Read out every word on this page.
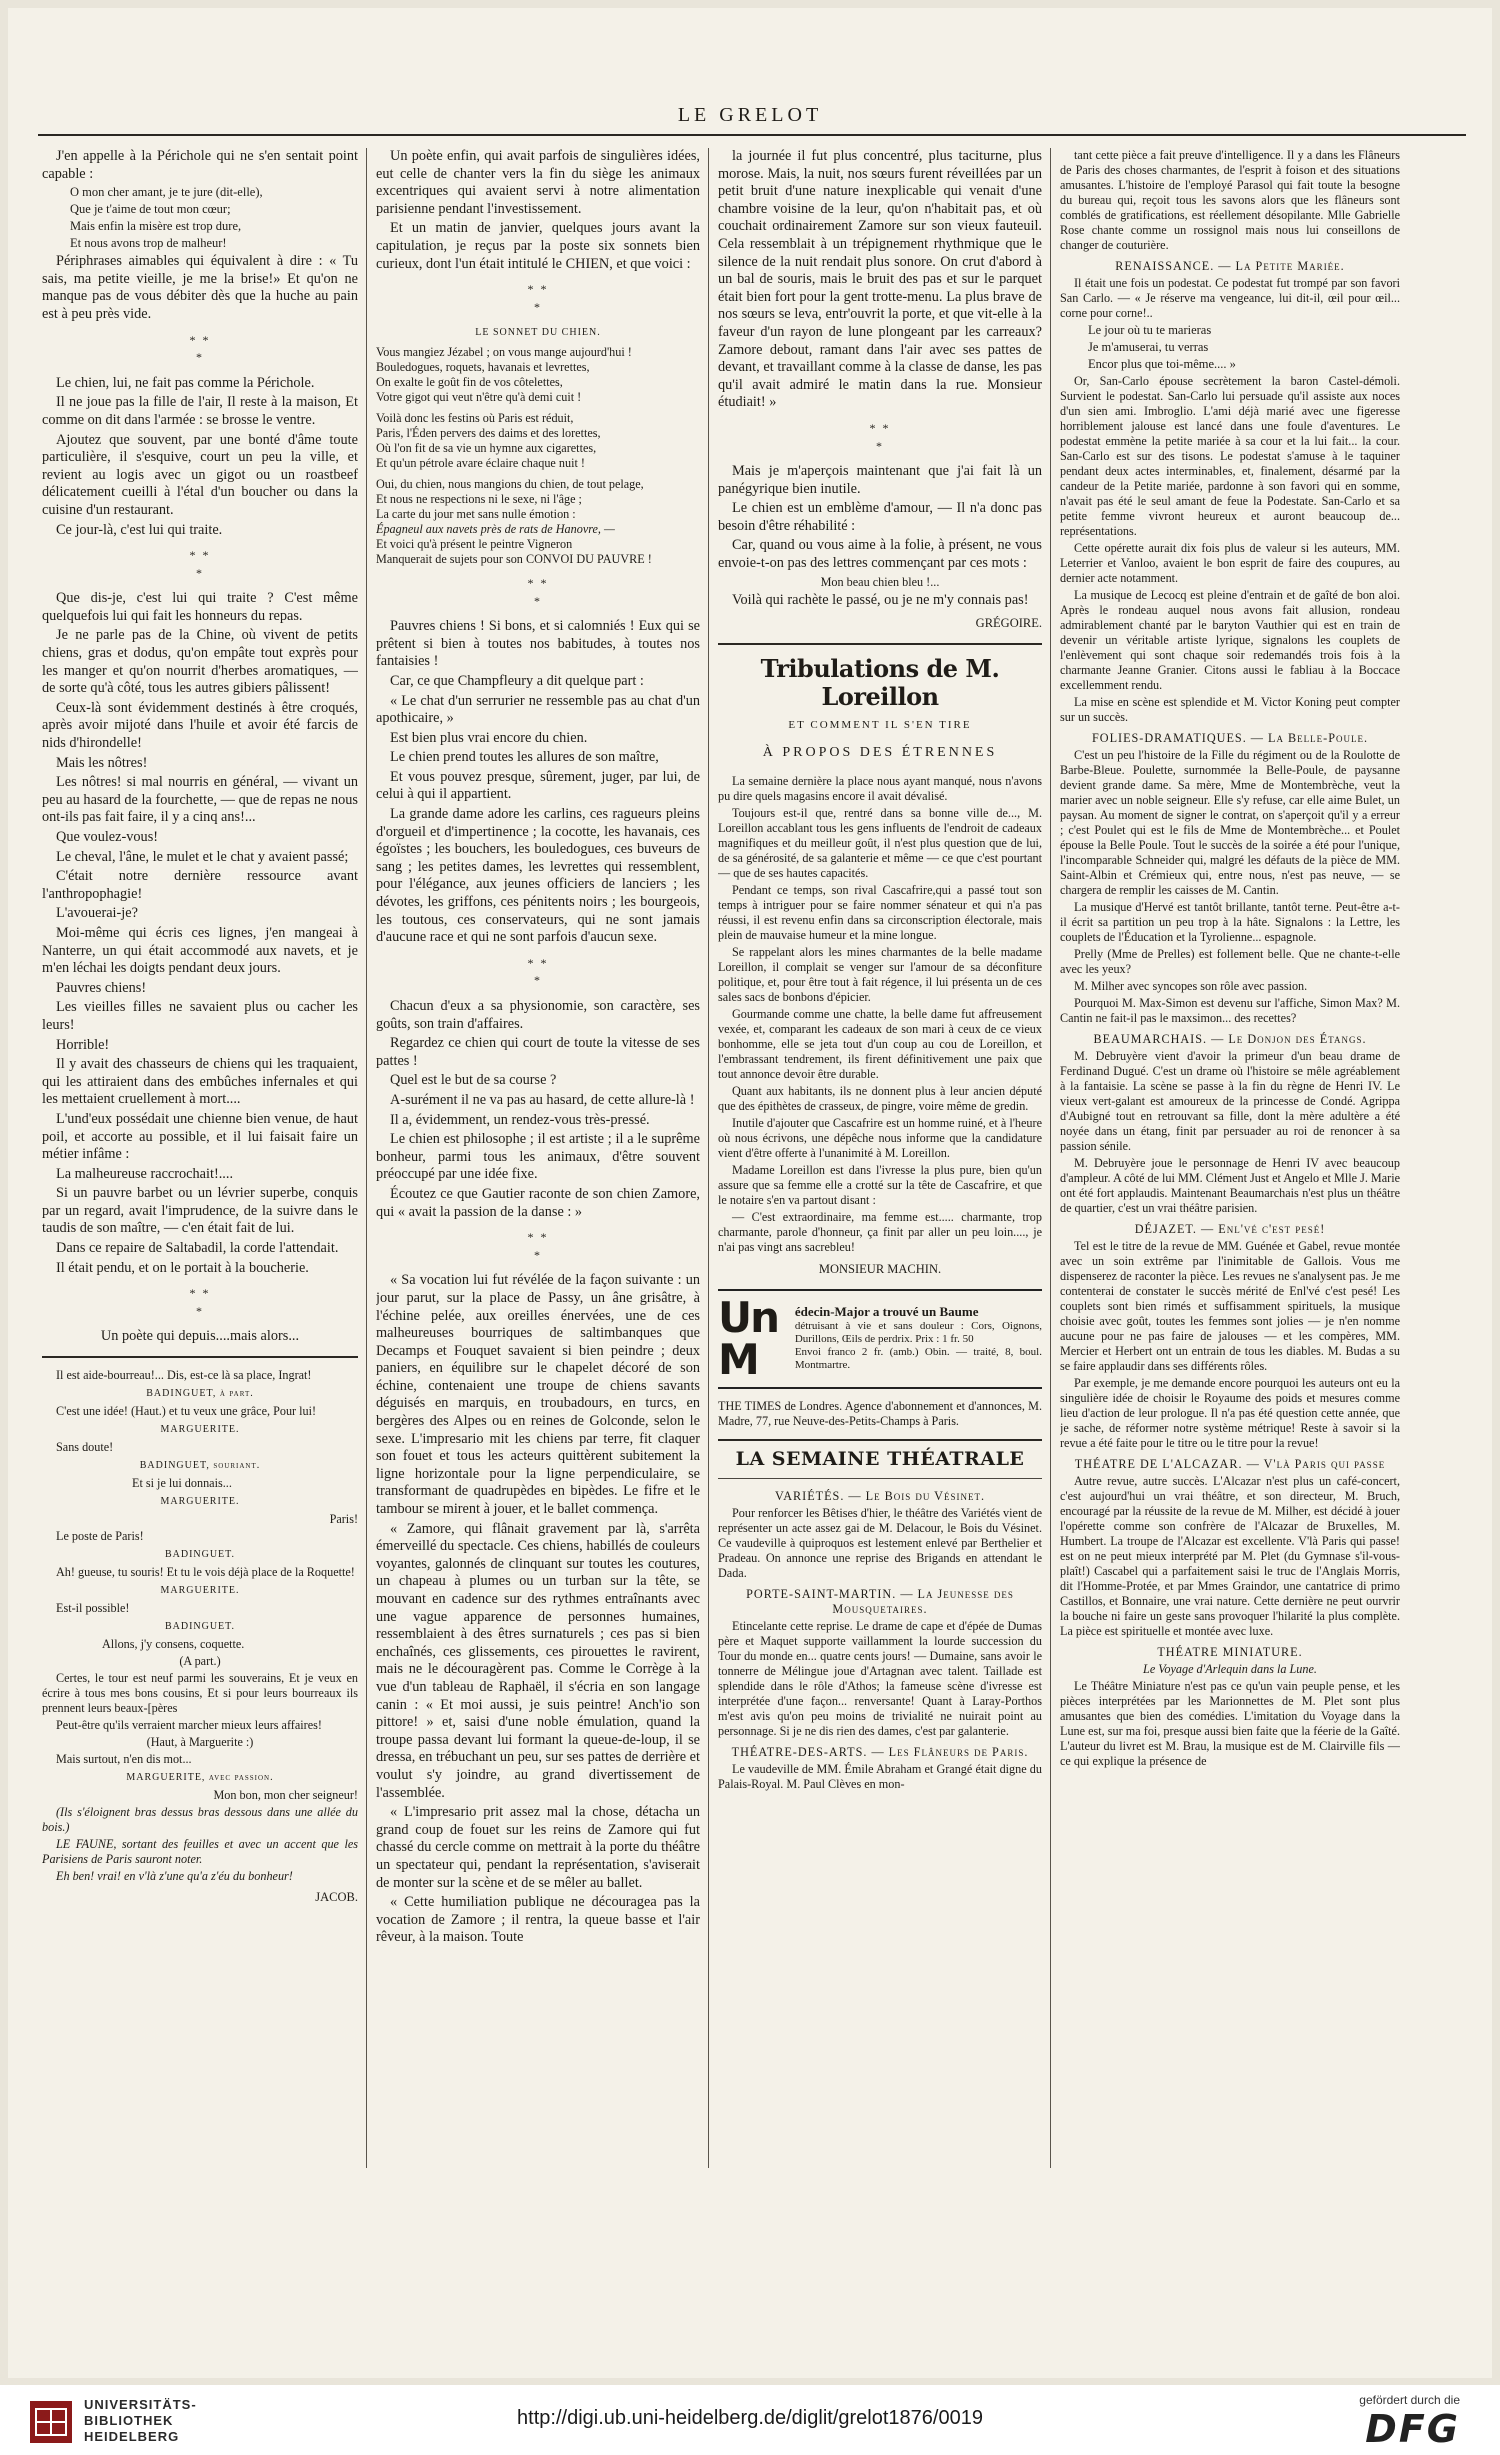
LE GRELOT

J'en appelle à la Périchole qui ne s'en sentait point capable :

O mon cher amant, je te jure (dit-elle),
Que je t'aime de tout mon cœur;
Mais enfin la misère est trop dure,
Et nous avons trop de malheur!

Périphrases aimables qui équivalent à dire : « Tu sais, ma petite vieille, je me la brise!» Et qu'on ne manque pas de vous débiter dès que la huche au pain est à peu près vide.

* *
*

Le chien, lui, ne fait pas comme la Périchole.

Il ne joue pas la fille de l'air, Il reste à la maison, Et comme on dit dans l'armée : se brosse le ventre.

Ajoutez que souvent, par une bonté d'âme toute particulière, il s'esquive, court un peu la ville, et revient au logis avec un gigot ou un roastbeef délicatement cueilli à l'étal d'un boucher ou dans la cuisine d'un restaurant.

Ce jour-là, c'est lui qui traite.

* *
*

Que dis-je, c'est lui qui traite ? C'est même quelquefois lui qui fait les honneurs du repas.

Je ne parle pas de la Chine, où vivent de petits chiens, gras et dodus, qu'on empâte tout exprès pour les manger et qu'on nourrit d'herbes aromatiques, — de sorte qu'à côté, tous les autres gibiers pâlissent!

Ceux-là sont évidemment destinés à être croqués, après avoir mijoté dans l'huile et avoir été farcis de nids d'hirondelle!

Mais les nôtres!

Les nôtres! si mal nourris en général, — vivant un peu au hasard de la fourchette, — que de repas ne nous ont-ils pas fait faire, il y a cinq ans!...

Que voulez-vous!

Le cheval, l'âne, le mulet et le chat y avaient passé;

C'était notre dernière ressource avant l'anthropophagie!

L'avouerai-je?

Moi-même qui écris ces lignes, j'en mangeai à Nanterre, un qui était accommodé aux navets, et je m'en léchai les doigts pendant deux jours.

Pauvres chiens!

Les vieilles filles ne savaient plus ou cacher les leurs!

Horrible!

Il y avait des chasseurs de chiens qui les traquaient, qui les attiraient dans des embûches infernales et qui les mettaient cruellement à mort....

L'und'eux possédait une chienne bien venue, de haut poil, et accorte au possible, et il lui faisait faire un métier infâme :

La malheureuse raccrochait!....

Si un pauvre barbet ou un lévrier superbe, conquis par un regard, avait l'imprudence, de la suivre dans le taudis de son maître, — c'en était fait de lui.

Dans ce repaire de Saltabadil, la corde l'attendait.

Il était pendu, et on le portait à la boucherie.

* *
*

Un poète qui depuis....mais alors...

Il est aide-bourreau!... Dis, est-ce là sa place, Ingrat!

BADINGUET, à part.

C'est une idée! (Haut.) et tu veux une grâce, Pour lui!

MARGUERITE.

Sans doute!

BADINGUET, souriant.

Et si je lui donnais...

MARGUERITE.

Paris!

Le poste de Paris!

BADINGUET.

Ah! gueuse, tu souris! Et tu le vois déjà place de la Roquette!

MARGUERITE.

Est-il possible!

BADINGUET.

Allons, j'y consens, coquette.

(A part.)

Certes, le tour est neuf parmi les souverains, Et je veux en écrire à tous mes bons cousins, Et si pour leurs bourreaux ils prennent leurs beaux-[pères

Peut-être qu'ils verraient marcher mieux leurs affaires!

(Haut, à Marguerite :)

Mais surtout, n'en dis mot...

MARGUERITE, avec passion.

Mon bon, mon cher seigneur!

(Ils s'éloignent bras dessus bras dessous dans une allée du bois.)

LE FAUNE, sortant des feuilles et avec un accent que les Parisiens de Paris sauront noter.

Eh ben! vrai! en v'là z'une qu'a z'éu du bonheur!

JACOB.

Un poète enfin, qui avait parfois de singulières idées, eut celle de chanter vers la fin du siège les animaux excentriques qui avaient servi à notre alimentation parisienne pendant l'investissement.

Et un matin de janvier, quelques jours avant la capitulation, je reçus par la poste six sonnets bien curieux, dont l'un était intitulé le CHIEN, et que voici :

* *
*
LE SONNET DU CHIEN.
Vous mangiez Jézabel ; on vous mange aujourd'hui !
Bouledogues, roquets, havanais et levrettes,
On exalte le goût fin de vos côtelettes,
Votre gigot qui veut n'être qu'à demi cuit !
Voilà donc les festins où Paris est réduit,
Paris, l'Éden pervers des daims et des lorettes,
Où l'on fit de sa vie un hymne aux cigarettes,
Et qu'un pétrole avare éclaire chaque nuit !
Oui, du chien, nous mangions du chien, de tout pelage,
Et nous ne respections ni le sexe, ni l'âge ;
La carte du jour met sans nulle émotion :
Épagneul aux navets près de rats de Hanovre, —
Et voici qu'à présent le peintre Vigneron
Manquerait de sujets pour son CONVOI DU PAUVRE !
* *
*

Pauvres chiens ! Si bons, et si calomniés ! Eux qui se prêtent si bien à toutes nos babitudes, à toutes nos fantaisies !

Car, ce que Champfleury a dit quelque part :

« Le chat d'un serrurier ne ressemble pas au chat d'un apothicaire, »

Est bien plus vrai encore du chien.

Le chien prend toutes les allures de son maître,

Et vous pouvez presque, sûrement, juger, par lui, de celui à qui il appartient.

La grande dame adore les carlins, ces ragueurs pleins d'orgueil et d'impertinence ; la cocotte, les havanais, ces égoïstes ; les bouchers, les bouledogues, ces buveurs de sang ; les petites dames, les levrettes qui ressemblent, pour l'élégance, aux jeunes officiers de lanciers ; les dévotes, les griffons, ces pénitents noirs ; les bourgeois, les toutous, ces conservateurs, qui ne sont jamais d'aucune race et qui ne sont parfois d'aucun sexe.

* *
*

Chacun d'eux a sa physionomie, son caractère, ses goûts, son train d'affaires.

Regardez ce chien qui court de toute la vitesse de ses pattes !

Quel est le but de sa course ?

A-surément il ne va pas au hasard, de cette allure-là !

Il a, évidemment, un rendez-vous très-pressé.

Le chien est philosophe ; il est artiste ; il a le suprême bonheur, parmi tous les animaux, d'être souvent préoccupé par une idée fixe.

Écoutez ce que Gautier raconte de son chien Zamore, qui « avait la passion de la danse : »

* *
*

« Sa vocation lui fut révélée de la façon suivante : un jour parut, sur la place de Passy, un âne grisâtre, à l'échine pelée, aux oreilles énervées, une de ces malheureuses bourriques de saltimbanques que Decamps et Fouquet savaient si bien peindre ; deux paniers, en équilibre sur le chapelet décoré de son échine, contenaient une troupe de chiens savants déguisés en marquis, en troubadours, en turcs, en bergères des Alpes ou en reines de Golconde, selon le sexe. L'impresario mit les chiens par terre, fit claquer son fouet et tous les acteurs quittèrent subitement la ligne horizontale pour la ligne perpendiculaire, se transformant de quadrupèdes en bipèdes. Le fifre et le tambour se mirent à jouer, et le ballet commença.

« Zamore, qui flânait gravement par là, s'arrêta émerveillé du spectacle. Ces chiens, habillés de couleurs voyantes, galonnés de clinquant sur toutes les coutures, un chapeau à plumes ou un turban sur la tête, se mouvant en cadence sur des rythmes entraînants avec une vague apparence de personnes humaines, ressemblaient à des êtres surnaturels ; ces pas si bien enchaînés, ces glissements, ces pirouettes le ravirent, mais ne le découragèrent pas. Comme le Corrège à la vue d'un tableau de Raphaël, il s'écria en son langage canin : « Et moi aussi, je suis peintre! Anch'io son pittore! » et, saisi d'une noble émulation, quand la troupe passa devant lui formant la queue-de-loup, il se dressa, en trébuchant un peu, sur ses pattes de derrière et voulut s'y joindre, au grand divertissement de l'assemblée.

« L'impresario prit assez mal la chose, détacha un grand coup de fouet sur les reins de Zamore qui fut chassé du cercle comme on mettrait à la porte du théâtre un spectateur qui, pendant la représentation, s'aviserait de monter sur la scène et de se mêler au ballet.

« Cette humiliation publique ne découragea pas la vocation de Zamore ; il rentra, la queue basse et l'air rêveur, à la maison. Toute

la journée il fut plus concentré, plus taciturne, plus morose. Mais, la nuit, nos sœurs furent réveillées par un petit bruit d'une nature inexplicable qui venait d'une chambre voisine de la leur, qu'on n'habitait pas, et où couchait ordinairement Zamore sur son vieux fauteuil. Cela ressemblait à un trépignement rhythmique que le silence de la nuit rendait plus sonore. On crut d'abord à un bal de souris, mais le bruit des pas et sur le parquet était bien fort pour la gent trotte-menu. La plus brave de nos sœurs se leva, entr'ouvrit la porte, et que vit-elle à la faveur d'un rayon de lune plongeant par les carreaux? Zamore debout, ramant dans l'air avec ses pattes de devant, et travaillant comme à la classe de danse, les pas qu'il avait admiré le matin dans la rue. Monsieur étudiait! »

* *
*

Mais je m'aperçois maintenant que j'ai fait là un panégyrique bien inutile.

Le chien est un emblème d'amour, — Il n'a donc pas besoin d'être réhabilité :

Car, quand ou vous aime à la folie, à présent, ne vous envoie-t-on pas des lettres commençant par ces mots :

Mon beau chien bleu !...

Voilà qui rachète le passé, ou je ne m'y connais pas!

GRÉGOIRE.
Tribulations de M. Loreillon
ET COMMENT IL S'EN TIRE
À PROPOS DES ÉTRENNES

La semaine dernière la place nous ayant manqué, nous n'avons pu dire quels magasins encore il avait dévalisé.

Toujours est-il que, rentré dans sa bonne ville de..., M. Loreillon accablant tous les gens influents de l'endroit de cadeaux magnifiques et du meilleur goût, il n'est plus question que de lui, de sa générosité, de sa galanterie et même — ce que c'est pourtant — que de ses hautes capacités.

Pendant ce temps, son rival Cascafrire,qui a passé tout son temps à intriguer pour se faire nommer sénateur et qui n'a pas réussi, il est revenu enfin dans sa circonscription électorale, mais plein de mauvaise humeur et la mine longue.

Se rappelant alors les mines charmantes de la belle madame Loreillon, il complait se venger sur l'amour de sa déconfiture politique, et, pour être tout à fait régence, il lui présenta un de ces sales sacs de bonbons d'épicier.

Gourmande comme une chatte, la belle dame fut affreusement vexée, et, comparant les cadeaux de son mari à ceux de ce vieux bonhomme, elle se jeta tout d'un coup au cou de Loreillon, et l'embrassant tendrement, ils firent définitivement une paix que tout annonce devoir être durable.

Quant aux habitants, ils ne donnent plus à leur ancien député que des épithètes de crasseux, de pingre, voire même de gredin.

Inutile d'ajouter que Cascafrire est un homme ruiné, et à l'heure où nous écrivons, une dépêche nous informe que la candidature vient d'être offerte à l'unanimité à M. Loreillon.

Madame Loreillon est dans l'ivresse la plus pure, bien qu'un assure que sa femme elle a crotté sur la tête de Cascafrire, et que le notaire s'en va partout disant :

— C'est extraordinaire, ma femme est..... charmante, trop charmante, parole d'honneur, ça finit par aller un peu loin...., je n'ai pas vingt ans sacrebleu!

MONSIEUR MACHIN.
Un M
édecin-Major a trouvé un Baume
détruisant à vie et sans douleur : Cors, Oignons, Durillons, Œils de perdrix. Prix : 1 fr. 50
Envoi franco 2 fr. (amb.) Obin. — traité, 8, boul. Montmartre.

THE TIMES de Londres. Agence d'abonnement et d'annonces, M. Madre, 77, rue Neuve-des-Petits-Champs à Paris.

LA SEMAINE THÉATRALE

VARIÉTÉS. — Le Bois du Vésinet.

Pour renforcer les Bêtises d'hier, le théâtre des Variétés vient de représenter un acte assez gai de M. Delacour, le Bois du Vésinet. Ce vaudeville à quiproquos est lestement enlevé par Berthelier et Pradeau. On annonce une reprise des Brigands en attendant le Dada.

PORTE-SAINT-MARTIN. — La Jeunesse des Mousquetaires.

Etincelante cette reprise. Le drame de cape et d'épée de Dumas père et Maquet supporte vaillamment la lourde succession du Tour du monde en... quatre cents jours! — Dumaine, sans avoir le tonnerre de Mélingue joue d'Artagnan avec talent. Taillade est splendide dans le rôle d'Athos; la fameuse scène d'ivresse est interprétée d'une façon... renversante! Quant à Laray-Porthos m'est avis qu'on peu moins de trivialité ne nuirait point au personnage. Si je ne dis rien des dames, c'est par galanterie.

THÉATRE-DES-ARTS. — Les Flâneurs de Paris.

Le vaudeville de MM. Émile Abraham et Grangé était digne du Palais-Royal. M. Paul Clèves en mon-

tant cette pièce a fait preuve d'intelligence. Il y a dans les Flâneurs de Paris des choses charmantes, de l'esprit à foison et des situations amusantes. L'histoire de l'employé Parasol qui fait toute la besogne du bureau qui, reçoit tous les savons alors que les flâneurs sont comblés de gratifications, est réellement désopilante. Mlle Gabrielle Rose chante comme un rossignol mais nous lui conseillons de changer de couturière.

RENAISSANCE. — La Petite Mariée.

Il était une fois un podestat. Ce podestat fut trompé par son favori San Carlo. — « Je réserve ma vengeance, lui dit-il, œil pour œil... corne pour corne!..

Le jour où tu te marieras
Je m'amuserai, tu verras
Encor plus que toi-même.... »

Or, San-Carlo épouse secrètement la baron Castel-démoli. Survient le podestat. San-Carlo lui persuade qu'il assiste aux noces d'un sien ami. Imbroglio. L'ami déjà marié avec une figeresse horriblement jalouse est lancé dans une foule d'aventures. Le podestat emmène la petite mariée à sa cour et la lui fait... la cour. San-Carlo est sur des tisons. Le podestat s'amuse à le taquiner pendant deux actes interminables, et, finalement, désarmé par la candeur de la Petite mariée, pardonne à son favori qui en somme, n'avait pas été le seul amant de feue la Podestate. San-Carlo et sa petite femme vivront heureux et auront beaucoup de... représentations.

Cette opérette aurait dix fois plus de valeur si les auteurs, MM. Leterrier et Vanloo, avaient le bon esprit de faire des coupures, au dernier acte notamment.

La musique de Lecocq est pleine d'entrain et de gaîté de bon aloi. Après le rondeau auquel nous avons fait allusion, rondeau admirablement chanté par le baryton Vauthier qui est en train de devenir un véritable artiste lyrique, signalons les couplets de l'enlèvement qui sont chaque soir redemandés trois fois à la charmante Jeanne Granier. Citons aussi le fabliau à la Boccace excellemment rendu.

La mise en scène est splendide et M. Victor Koning peut compter sur un succès.

FOLIES-DRAMATIQUES. — La Belle-Poule.

C'est un peu l'histoire de la Fille du régiment ou de la Roulotte de Barbe-Bleue. Poulette, surnommée la Belle-Poule, de paysanne devient grande dame. Sa mère, Mme de Montembrèche, veut la marier avec un noble seigneur. Elle s'y refuse, car elle aime Bulet, un paysan. Au moment de signer le contrat, on s'aperçoit qu'il y a erreur ; c'est Poulet qui est le fils de Mme de Montembrèche... et Poulet épouse la Belle Poule. Tout le succès de la soirée a été pour l'unique, l'incomparable Schneider qui, malgré les défauts de la pièce de MM. Saint-Albin et Crémieux qui, entre nous, n'est pas neuve, — se chargera de remplir les caisses de M. Cantin.

La musique d'Hervé est tantôt brillante, tantôt terne. Peut-être a-t-il écrit sa partition un peu trop à la hâte. Signalons : la Lettre, les couplets de l'Éducation et la Tyrolienne... espagnole.

Prelly (Mme de Prelles) est follement belle. Que ne chante-t-elle avec les yeux?

M. Milher avec syncopes son rôle avec passion.

Pourquoi M. Max-Simon est devenu sur l'affiche, Simon Max? M. Cantin ne fait-il pas le maxsimon... des recettes?

BEAUMARCHAIS. — Le Donjon des Étangs.

M. Debruyère vient d'avoir la primeur d'un beau drame de Ferdinand Dugué. C'est un drame où l'histoire se mêle agréablement à la fantaisie. La scène se passe à la fin du règne de Henri IV. Le vieux vert-galant est amoureux de la princesse de Condé. Agrippa d'Aubigné tout en retrouvant sa fille, dont la mère adultère a été noyée dans un étang, finit par persuader au roi de renoncer à sa passion sénile.

M. Debruyère joue le personnage de Henri IV avec beaucoup d'ampleur. A côté de lui MM. Clément Just et Angelo et Mlle J. Marie ont été fort applaudis. Maintenant Beaumarchais n'est plus un théâtre de quartier, c'est un vrai théâtre parisien.

DÉJAZET. — Enl'vé c'est pesé!

Tel est le titre de la revue de MM. Guénée et Gabel, revue montée avec un soin extrême par l'inimitable de Gallois. Vous me dispenserez de raconter la pièce. Les revues ne s'analysent pas. Je me contenterai de constater le succès mérité de Enl'vé c'est pesé! Les couplets sont bien rimés et suffisamment spirituels, la musique choisie avec goût, toutes les femmes sont jolies — je n'en nomme aucune pour ne pas faire de jalouses — et les compères, MM. Mercier et Herbert ont un entrain de tous les diables. M. Budas a su se faire applaudir dans ses différents rôles.

Par exemple, je me demande encore pourquoi les auteurs ont eu la singulière idée de choisir le Royaume des poids et mesures comme lieu d'action de leur prologue. Il n'a pas été question cette année, que je sache, de réformer notre système métrique! Reste à savoir si la revue a été faite pour le titre ou le titre pour la revue!

THÉATRE DE L'ALCAZAR. — V'là Paris qui passe

Autre revue, autre succès. L'Alcazar n'est plus un café-concert, c'est aujourd'hui un vrai théâtre, et son directeur, M. Bruch, encouragé par la réussite de la revue de M. Milher, est décidé à jouer l'opérette comme son confrère de l'Alcazar de Bruxelles, M. Humbert. La troupe de l'Alcazar est excellente. V'là Paris qui passe! est on ne peut mieux interprété par M. Plet (du Gymnase s'il-vous-plaît!) Cascabel qui a parfaitement saisi le truc de l'Anglais Morris, dit l'Homme-Protée, et par Mmes Graindor, une cantatrice di primo Castillos, et Bonnaire, une vrai nature. Cette dernière ne peut ourvrir la bouche ni faire un geste sans provoquer l'hilarité la plus complète. La pièce est spirituelle et montée avec luxe.

THÉATRE MINIATURE.

Le Voyage d'Arlequin dans la Lune.

Le Théâtre Miniature n'est pas ce qu'un vain peuple pense, et les pièces interprétées par les Marionnettes de M. Plet sont plus amusantes que bien des comédies. L'imitation du Voyage dans la Lune est, sur ma foi, presque aussi bien faite que la féerie de la Gaîté. L'auteur du livret est M. Brau, la musique est de M. Clairville fils — ce qui explique la présence de

UNIVERSITÄTS-
BIBLIOTHEK
HEIDELBERG
http://digi.ub.uni-heidelberg.de/diglit/grelot1876/0019
gefördert durch die
DFG
